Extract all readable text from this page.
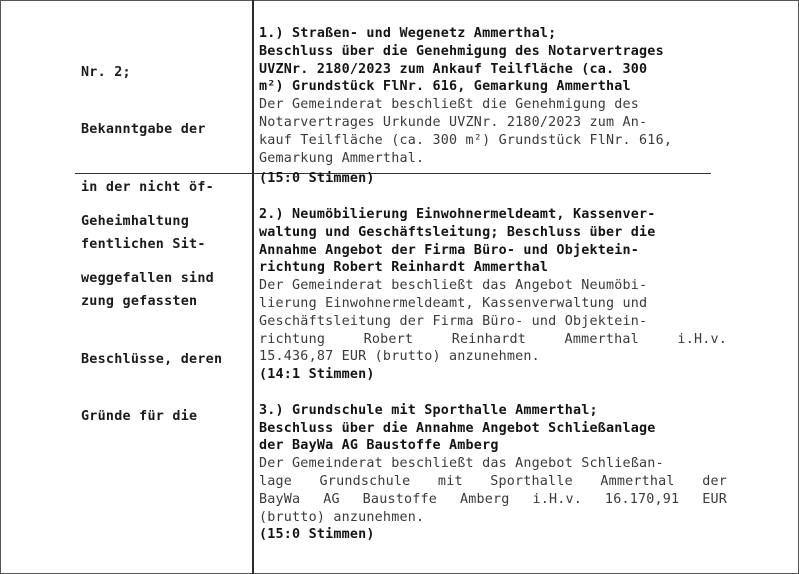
Nr. 2;

Bekanntgabe der

in der nicht öf-

fentlichen Sit-

zung gefassten

Beschlüsse, deren

Gründe für die

Geheimhaltung

weggefallen sind

1.) Straßen- und Wegenetz Ammerthal;
Beschluss über die Genehmigung des Notarvertrages
UVZNr. 2180/2023 zum Ankauf Teilfläche (ca. 300
m²) Grundstück FlNr. 616, Gemarkung Ammerthal
Der Gemeinderat beschließt die Genehmigung des
Notarvertrages Urkunde UVZNr. 2180/2023 zum An-
kauf Teilfläche (ca. 300 m²) Grundstück FlNr. 616,
Gemarkung Ammerthal.
(15:0 Stimmen)
2.) Neumöbilierung Einwohnermeldeamt, Kassenver-
waltung und Geschäftsleitung; Beschluss über die
Annahme Angebot der Firma Büro- und Objektein-
richtung Robert Reinhardt Ammerthal
Der Gemeinderat beschließt das Angebot Neumöbi-
lierung Einwohnermeldeamt, Kassenverwaltung und
Geschäftsleitung der Firma Büro- und Objektein-
richtung Robert Reinhardt Ammerthal i.H.v.
15.436,87 EUR (brutto) anzunehmen.
(14:1 Stimmen)
3.) Grundschule mit Sporthalle Ammerthal;
Beschluss über die Annahme Angebot Schließanlage
der BayWa AG Baustoffe Amberg
Der Gemeinderat beschließt das Angebot Schließan-
lage Grundschule mit Sporthalle Ammerthal der
BayWa AG Baustoffe Amberg i.H.v. 16.170,91 EUR
(brutto) anzunehmen.
(15:0 Stimmen)
